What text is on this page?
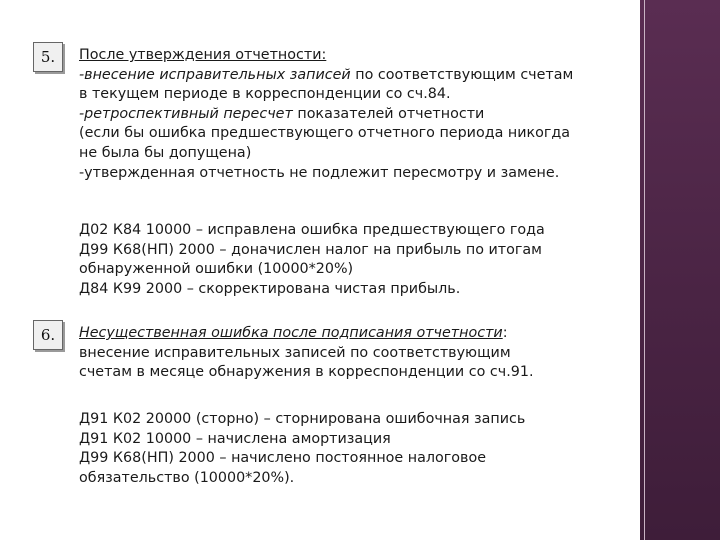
5.	После утверждения отчетности:
-внесение исправительных записей по соответствующим счетам
в текущем периоде в корреспонденции со сч.84.
-ретроспективный пересчет показателей отчетности
(если бы ошибка предшествующего отчетного периода никогда
не была бы допущена)
-утвержденная отчетность не подлежит пересмотру и замене.
Д02 К84 10000 – исправлена ошибка предшествующего года
Д99 К68(НП) 2000 – доначислен налог на прибыль по итогам
обнаруженной ошибки (10000*20%)
Д84 К99 2000 – скорректирована чистая прибыль.
6.	Несущественная ошибка после подписания отчетности:
внесение исправительных записей по соответствующим
счетам в месяце обнаружения в корреспонденции со сч.91.
Д91 К02 20000 (сторно) – сторнирована ошибочная запись
Д91 К02 10000 – начислена амортизация
Д99 К68(НП) 2000 – начислено постоянное налоговое
обязательство (10000*20%).
